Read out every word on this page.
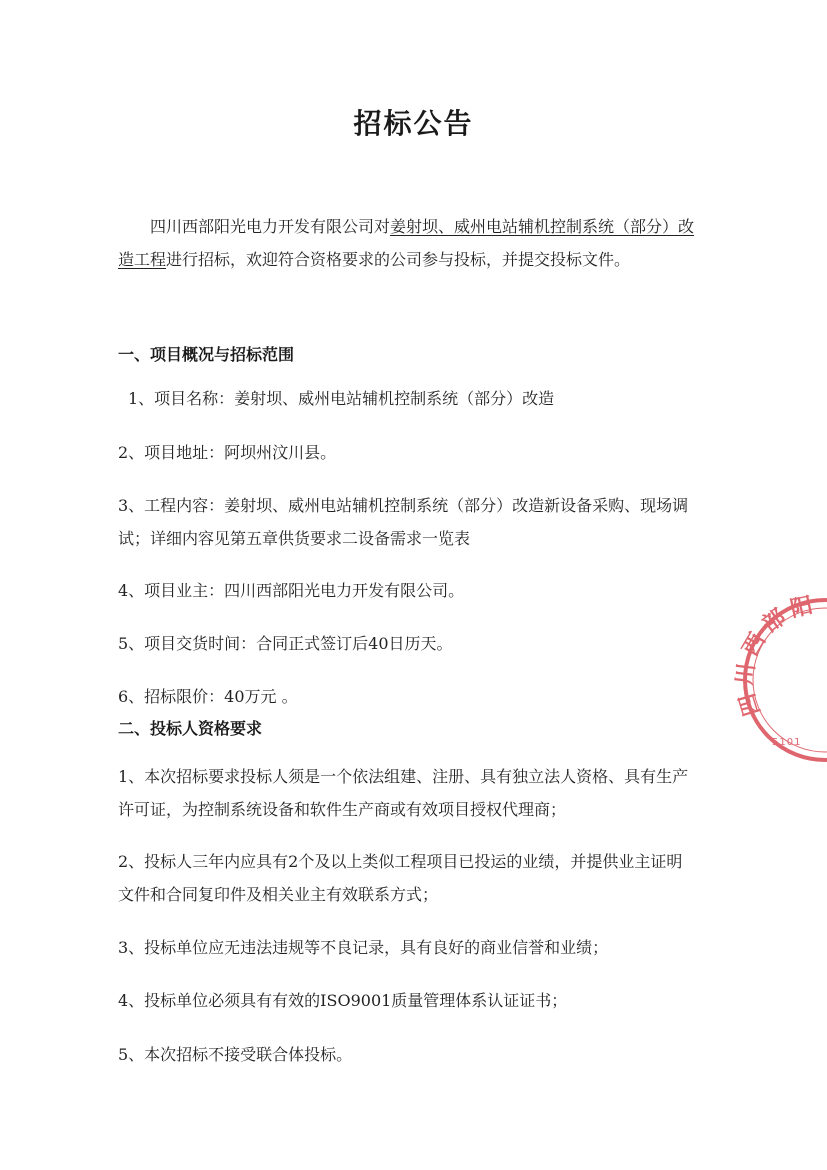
招标公告
四川西部阳光电力开发有限公司对姜射坝、威州电站辅机控制系统（部分）改造工程进行招标，欢迎符合资格要求的公司参与投标，并提交投标文件。
一、项目概况与招标范围
1、项目名称：姜射坝、威州电站辅机控制系统（部分）改造
2、项目地址：阿坝州汶川县。
3、工程内容：姜射坝、威州电站辅机控制系统（部分）改造新设备采购、现场调试；详细内容见第五章供货要求二设备需求一览表
4、项目业主：四川西部阳光电力开发有限公司。
5、项目交货时间：合同正式签订后40日历天。
6、招标限价：40万元 。
二、投标人资格要求
1、本次招标要求投标人须是一个依法组建、注册、具有独立法人资格、具有生产许可证，为控制系统设备和软件生产商或有效项目授权代理商；
2、投标人三年内应具有2个及以上类似工程项目已投运的业绩，并提供业主证明文件和合同复印件及相关业主有效联系方式；
3、投标单位应无违法违规等不良记录，具有良好的商业信誉和业绩；
4、投标单位必须具有有效的ISO9001质量管理体系认证证书；
5、本次招标不接受联合体投标。
四川西部阳光
5101
